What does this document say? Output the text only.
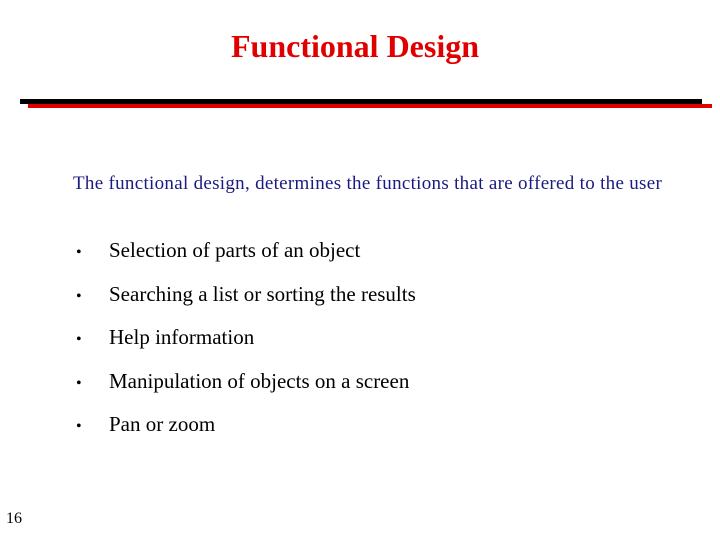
Functional Design

The functional design, determines the functions that are offered to the user

•	Selection of parts of an object
•	Searching a list or sorting the results
•	Help information
•	Manipulation of objects on a screen
•	Pan or zoom
16
